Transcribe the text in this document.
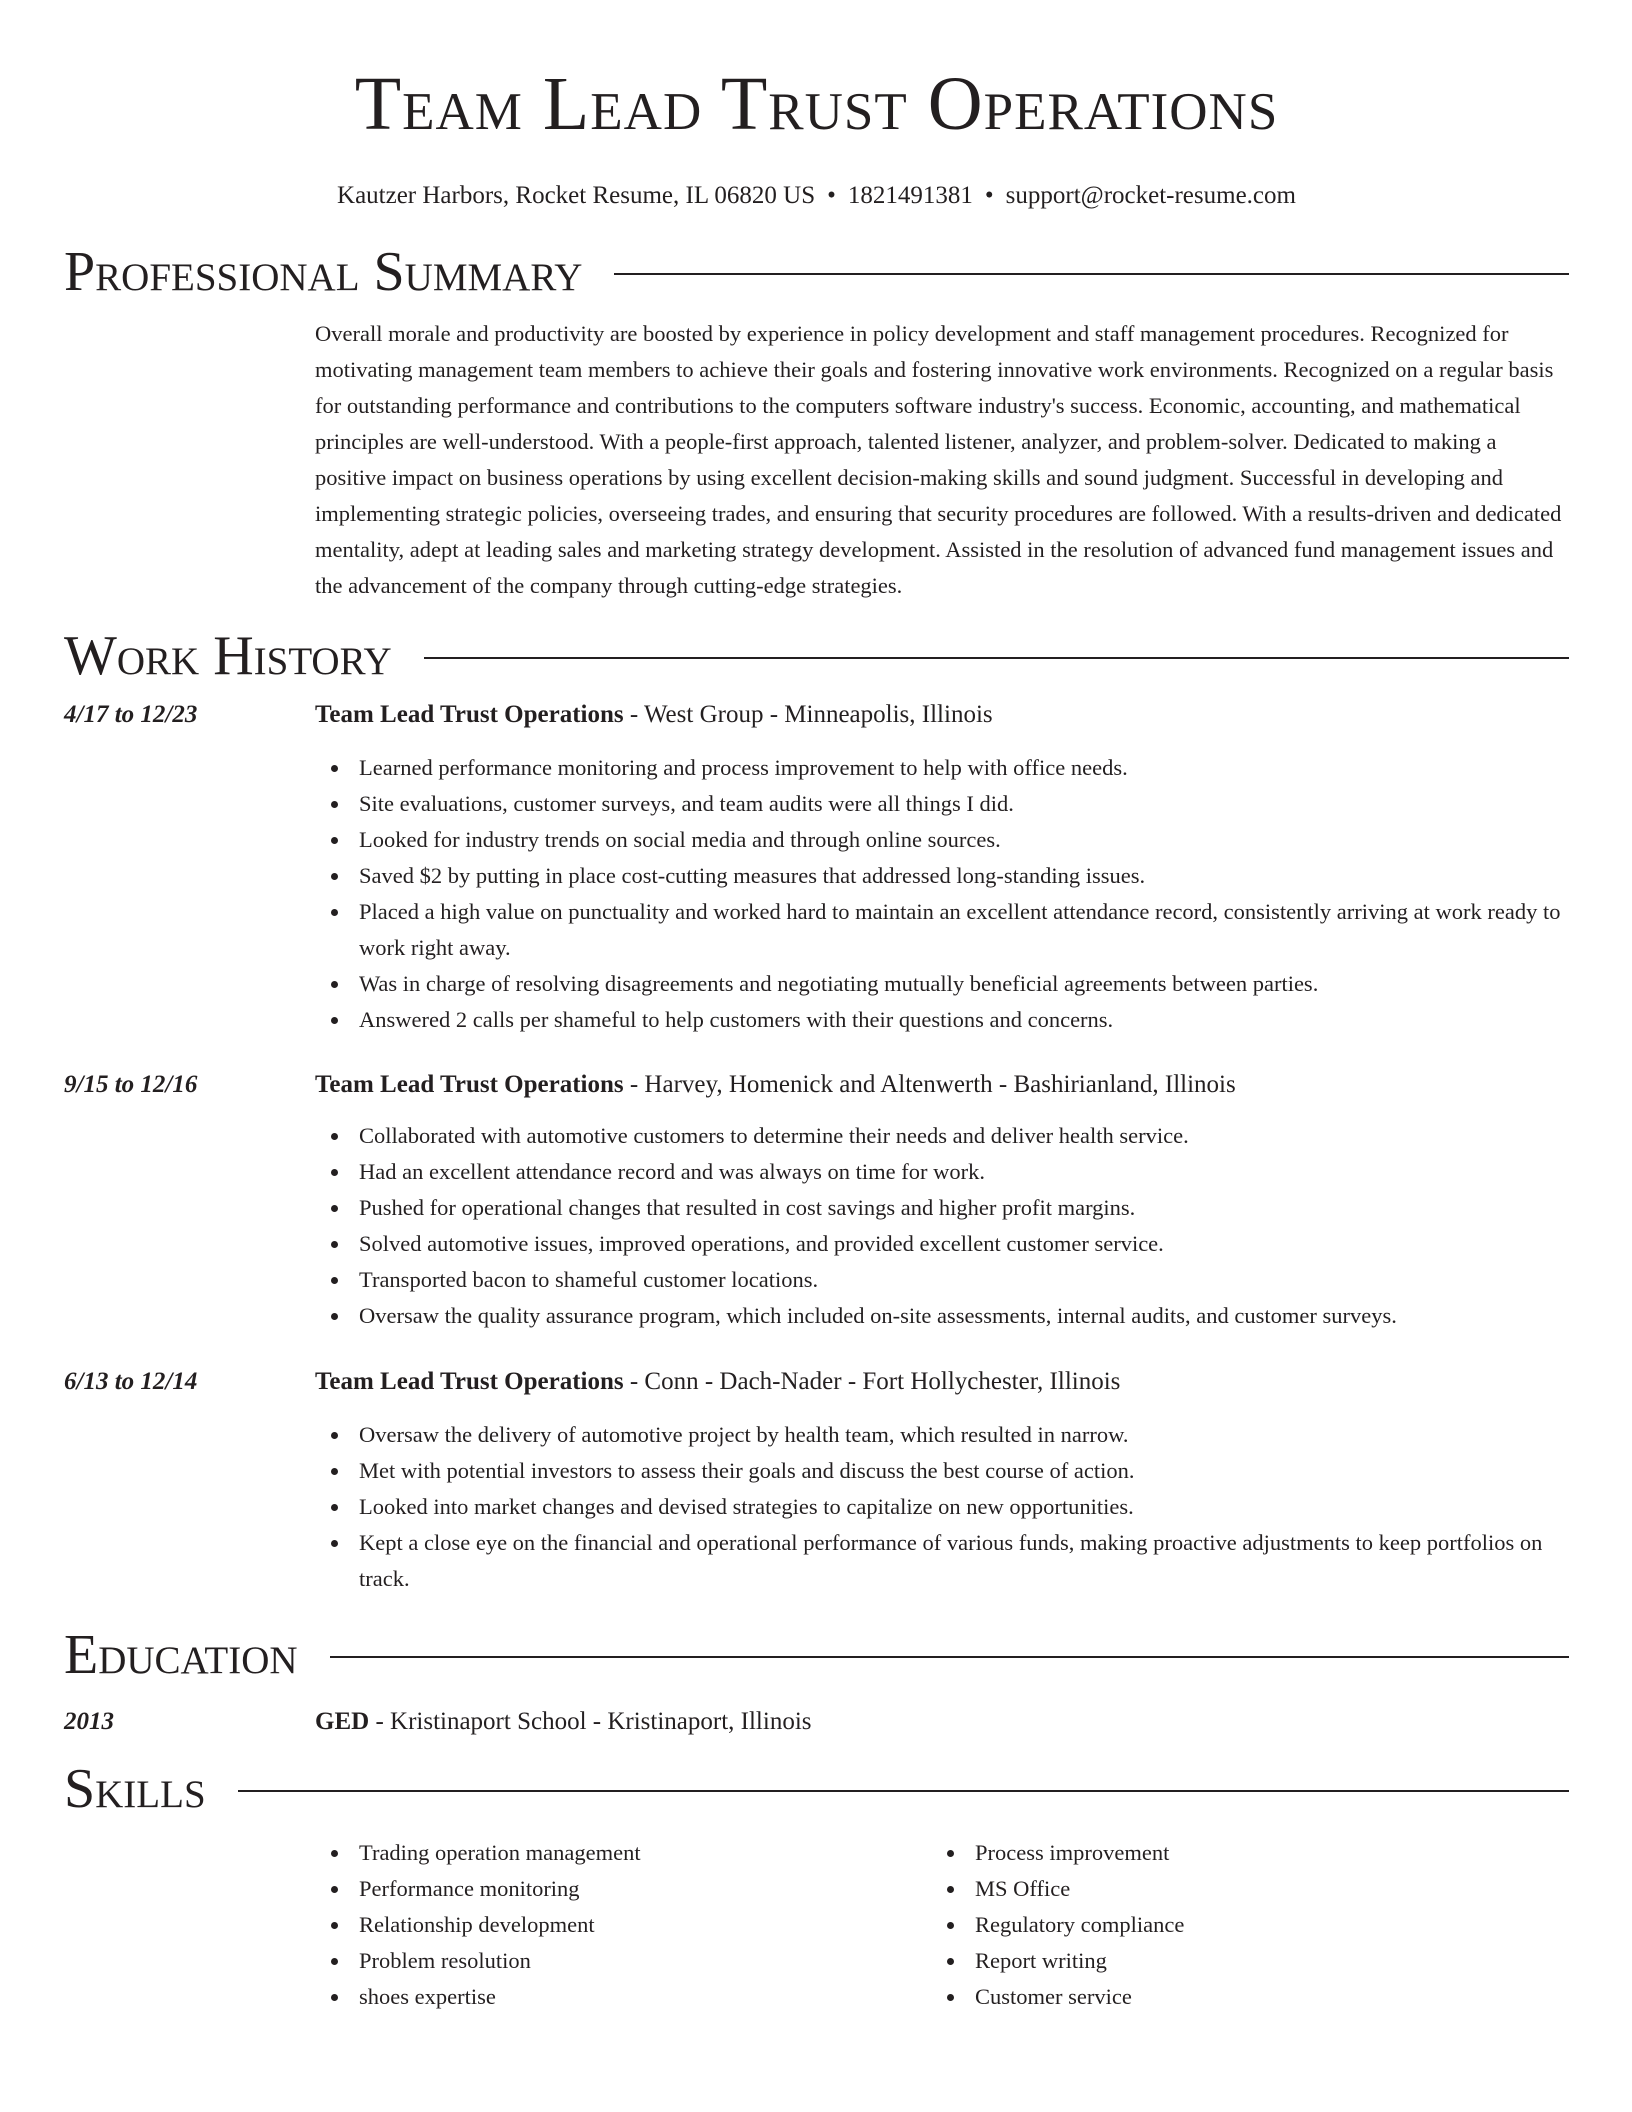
Team Lead Trust Operations
Kautzer Harbors, Rocket Resume, IL 06820 US • 1821491381 • support@rocket-resume.com
Professional Summary
Overall morale and productivity are boosted by experience in policy development and staff management procedures. Recognized for motivating management team members to achieve their goals and fostering innovative work environments. Recognized on a regular basis for outstanding performance and contributions to the computers software industry's success. Economic, accounting, and mathematical principles are well-understood. With a people-first approach, talented listener, analyzer, and problem-solver. Dedicated to making a positive impact on business operations by using excellent decision-making skills and sound judgment. Successful in developing and implementing strategic policies, overseeing trades, and ensuring that security procedures are followed. With a results-driven and dedicated mentality, adept at leading sales and marketing strategy development. Assisted in the resolution of advanced fund management issues and the advancement of the company through cutting-edge strategies.
Work History
4/17 to 12/23	Team Lead Trust Operations - West Group - Minneapolis, Illinois
Learned performance monitoring and process improvement to help with office needs.
Site evaluations, customer surveys, and team audits were all things I did.
Looked for industry trends on social media and through online sources.
Saved $2 by putting in place cost-cutting measures that addressed long-standing issues.
Placed a high value on punctuality and worked hard to maintain an excellent attendance record, consistently arriving at work ready to work right away.
Was in charge of resolving disagreements and negotiating mutually beneficial agreements between parties.
Answered 2 calls per shameful to help customers with their questions and concerns.
9/15 to 12/16	Team Lead Trust Operations - Harvey, Homenick and Altenwerth - Bashirianland, Illinois
Collaborated with automotive customers to determine their needs and deliver health service.
Had an excellent attendance record and was always on time for work.
Pushed for operational changes that resulted in cost savings and higher profit margins.
Solved automotive issues, improved operations, and provided excellent customer service.
Transported bacon to shameful customer locations.
Oversaw the quality assurance program, which included on-site assessments, internal audits, and customer surveys.
6/13 to 12/14	Team Lead Trust Operations - Conn - Dach-Nader - Fort Hollychester, Illinois
Oversaw the delivery of automotive project by health team, which resulted in narrow.
Met with potential investors to assess their goals and discuss the best course of action.
Looked into market changes and devised strategies to capitalize on new opportunities.
Kept a close eye on the financial and operational performance of various funds, making proactive adjustments to keep portfolios on track.
Education
2013	GED - Kristinaport School - Kristinaport, Illinois
Skills
Trading operation management
Performance monitoring
Relationship development
Problem resolution
shoes expertise
Process improvement
MS Office
Regulatory compliance
Report writing
Customer service
